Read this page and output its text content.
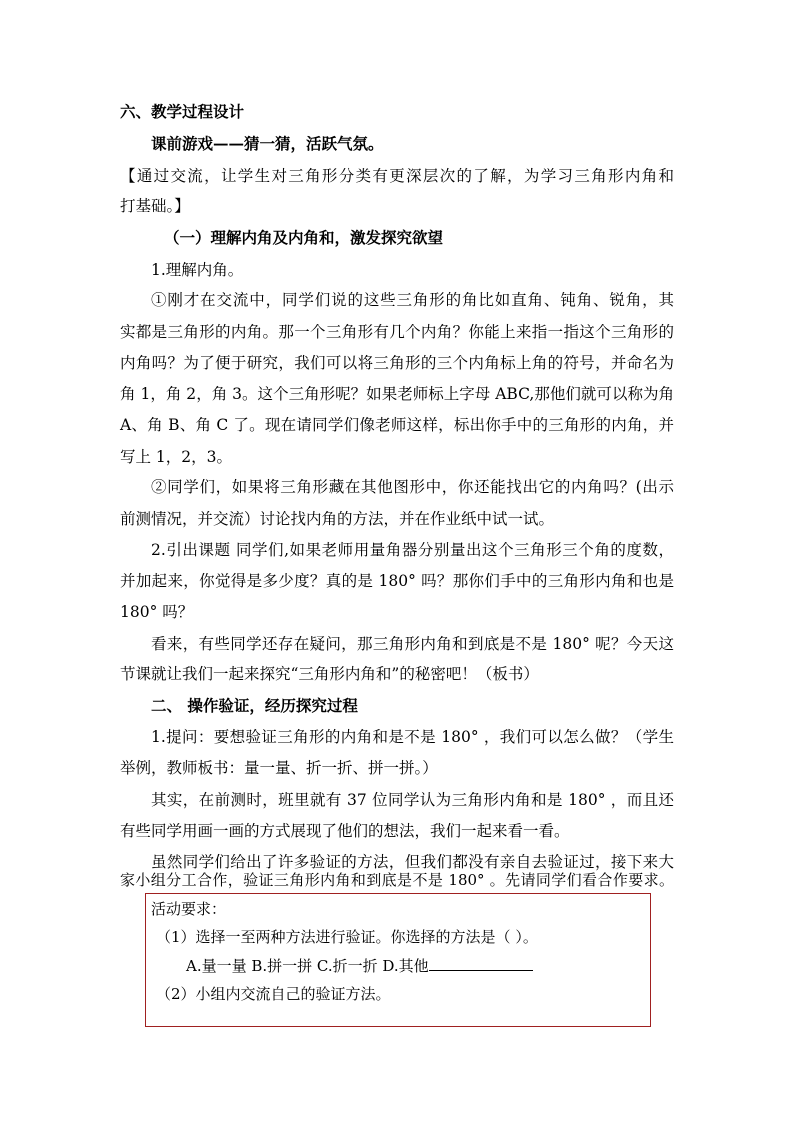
六、教学过程设计
课前游戏——猜一猜，活跃气氛。
【通过交流，让学生对三角形分类有更深层次的了解，为学习三角形内角和
打基础。】
（一）理解内角及内角和，激发探究欲望
1.理解内角。
①刚才在交流中，同学们说的这些三角形的角比如直角、钝角、锐角，其
实都是三角形的内角。那一个三角形有几个内角？你能上来指一指这个三角形的
内角吗？为了便于研究，我们可以将三角形的三个内角标上角的符号，并命名为
角 1，角 2，角 3。这个三角形呢？如果老师标上字母 ABC,那他们就可以称为角
A、角 B、角 C 了。现在请同学们像老师这样，标出你手中的三角形的内角，并
写上 1，2，3。
②同学们，如果将三角形藏在其他图形中，你还能找出它的内角吗？(出示
前测情况，并交流）讨论找内角的方法，并在作业纸中试一试。
2.引出课题 同学们,如果老师用量角器分别量出这个三角形三个角的度数，
并加起来，你觉得是多少度？真的是 180° 吗？那你们手中的三角形内角和也是
180° 吗？
看来，有些同学还存在疑问，那三角形内角和到底是不是 180° 呢？今天这
节课就让我们一起来探究“三角形内角和”的秘密吧！（板书）
二、 操作验证，经历探究过程
1.提问：要想验证三角形的内角和是不是 180° ，我们可以怎么做？（学生
举例，教师板书：量一量、折一折、拼一拼。）
其实，在前测时，班里就有 37 位同学认为三角形内角和是 180° ，而且还
有些同学用画一画的方式展现了他们的想法，我们一起来看一看。
虽然同学们给出了许多验证的方法，但我们都没有亲自去验证过，接下来大
家小组分工合作，验证三角形内角和到底是不是 180° 。先请同学们看合作要求。
活动要求：
（1）选择一至两种方法进行验证。你选择的方法是（ ）。
A.量一量 B.拼一拼 C.折一折 D.其他
（2）小组内交流自己的验证方法。
